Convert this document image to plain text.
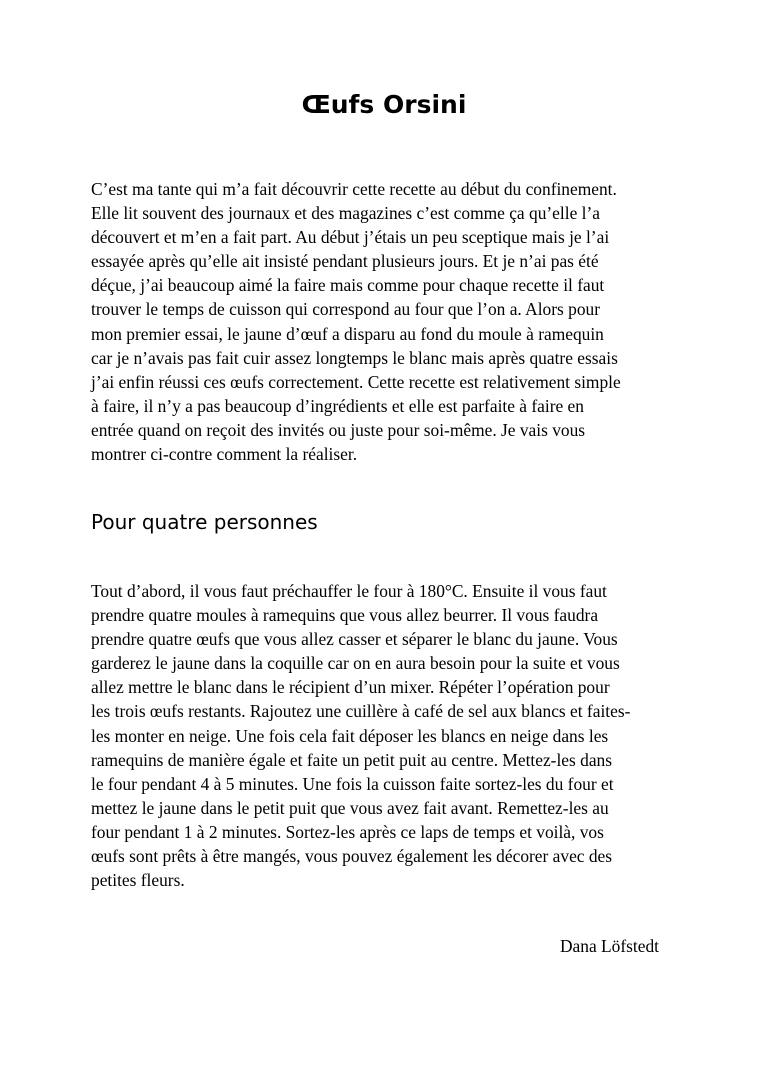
Œufs Orsini

C’est ma tante qui m’a fait découvrir cette recette au début du confinement.
Elle lit souvent des journaux et des magazines c’est comme ça qu’elle l’a
découvert et m’en a fait part. Au début j’étais un peu sceptique mais je l’ai
essayée après qu’elle ait insisté pendant plusieurs jours. Et je n’ai pas été
déçue, j’ai beaucoup aimé la faire mais comme pour chaque recette il faut
trouver le temps de cuisson qui correspond au four que l’on a. Alors pour
mon premier essai, le jaune d’œuf a disparu au fond du moule à ramequin
car je n’avais pas fait cuir assez longtemps le blanc mais après quatre essais
j’ai enfin réussi ces œufs correctement. Cette recette est relativement simple
à faire, il n’y a pas beaucoup d’ingrédients et elle est parfaite à faire en
entrée quand on reçoit des invités ou juste pour soi-même. Je vais vous
montrer ci-contre comment la réaliser.

Pour quatre personnes

Tout d’abord, il vous faut préchauffer le four à 180°C. Ensuite il vous faut
prendre quatre moules à ramequins que vous allez beurrer. Il vous faudra
prendre quatre œufs que vous allez casser et séparer le blanc du jaune. Vous
garderez le jaune dans la coquille car on en aura besoin pour la suite et vous
allez mettre le blanc dans le récipient d’un mixer. Répéter l’opération pour
les trois œufs restants. Rajoutez une cuillère à café de sel aux blancs et faites-
les monter en neige. Une fois cela fait déposer les blancs en neige dans les
ramequins de manière égale et faite un petit puit au centre. Mettez-les dans
le four pendant 4 à 5 minutes. Une fois la cuisson faite sortez-les du four et
mettez le jaune dans le petit puit que vous avez fait avant. Remettez-les au
four pendant 1 à 2 minutes. Sortez-les après ce laps de temps et voilà, vos
œufs sont prêts à être mangés, vous pouvez également les décorer avec des
petites fleurs.

Dana Löfstedt
